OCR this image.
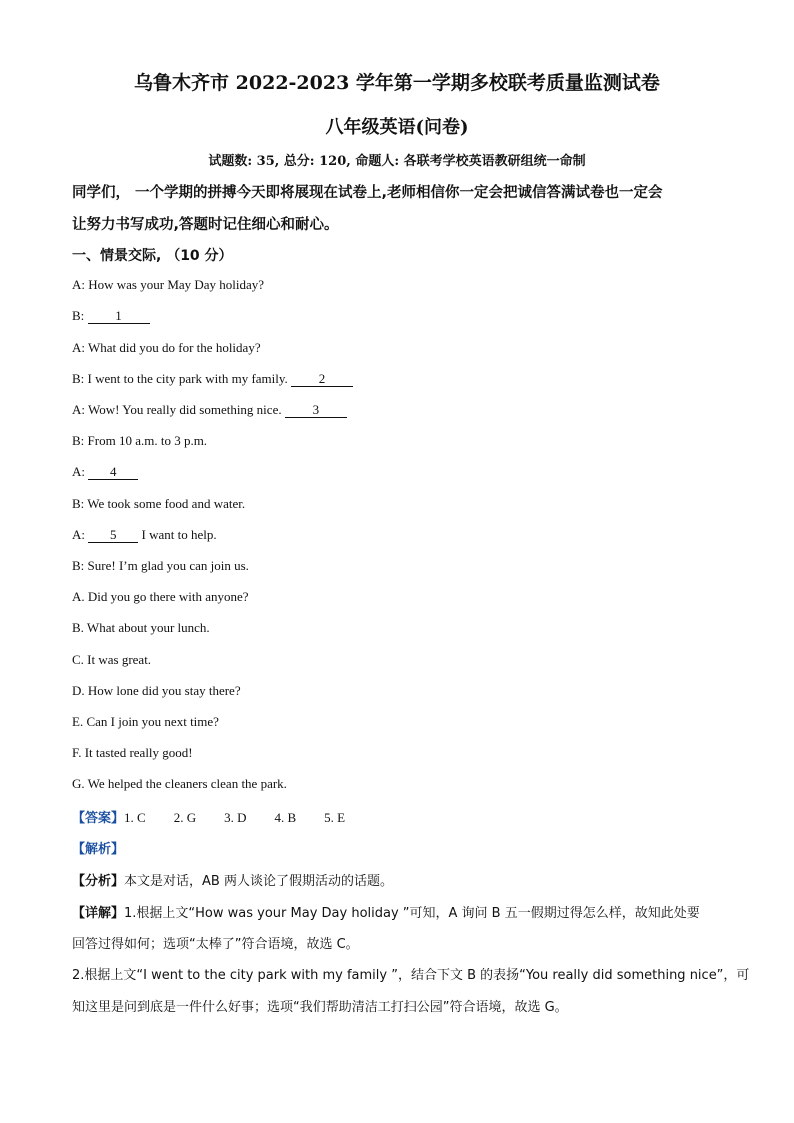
乌鲁木齐市 2022-2023 学年第一学期多校联考质量监测试卷
八年级英语(问卷)
试题数: 35, 总分: 120, 命题人: 各联考学校英语教研组统一命制
同学们， 一个学期的拼搏今天即将展现在试卷上,老师相信你一定会把诚信答满试卷也一定会
让努力书写成功,答题时记住细心和耐心。
一、情景交际, （10 分）
A: How was your May Day holiday?
B: 1
A: What did you do for the holiday?
B: I went to the city park with my family. 2
A: Wow! You really did something nice. 3
B: From 10 a.m. to 3 p.m.
A: 4
B: We took some food and water.
A: 5 I want to help.
B: Sure! I’m glad you can join us.
A. Did you go there with anyone?
B. What about your lunch.
C. It was great.
D. How lone did you stay there?
E. Can I join you next time?
F. It tasted really good!
G. We helped the cleaners clean the park.
【答案】1. C 2. G 3. D 4. B 5. E
【解析】
【分析】本文是对话，AB 两人谈论了假期活动的话题。
【详解】1.根据上文“How was your May Day holiday ”可知，A 询问 B 五一假期过得怎么样，故知此处要
回答过得如何；选项“太棒了”符合语境，故选 C。
2.根据上文“I went to the city park with my family ”，结合下文 B 的表扬“You really did something nice”，可
知这里是问到底是一件什么好事；选项“我们帮助清洁工打扫公园”符合语境，故选 G。
